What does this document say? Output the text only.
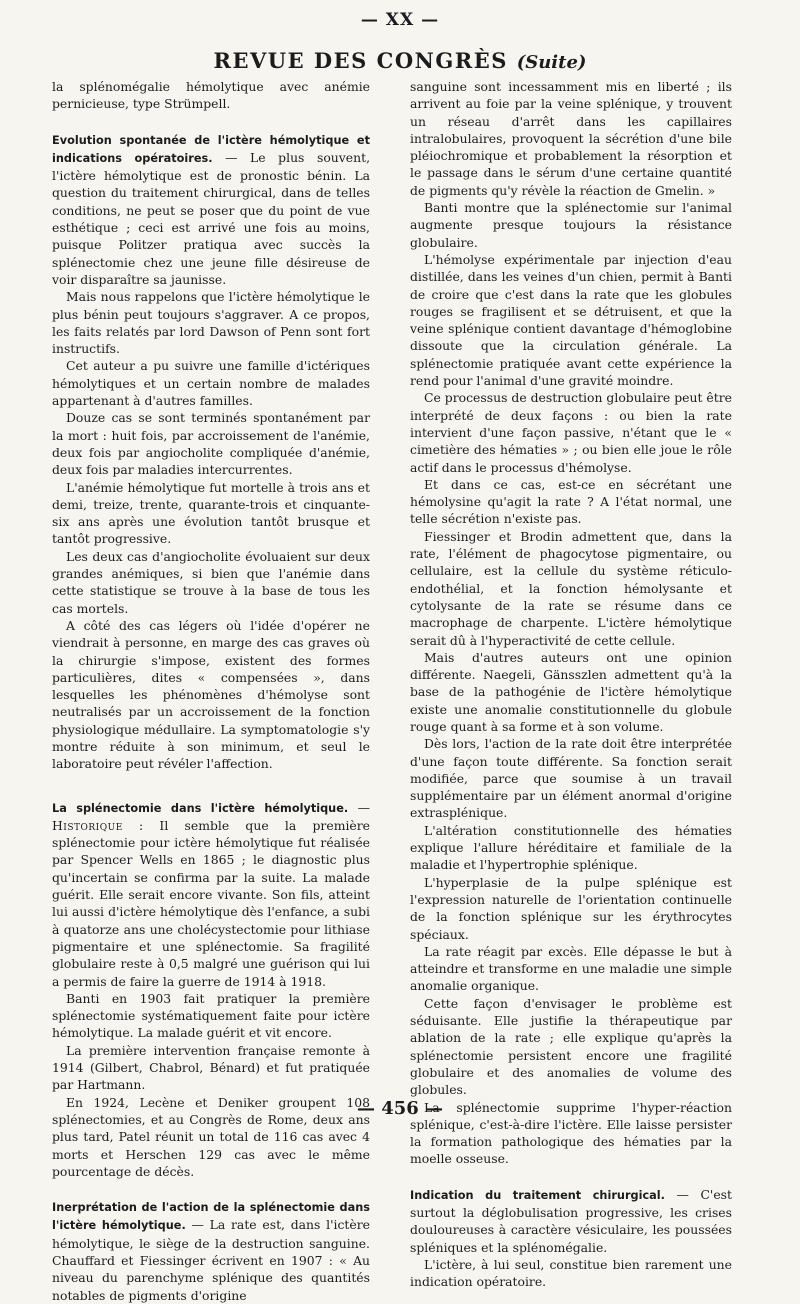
— XX —
REVUE DES CONGRÈS (Suite)

la splénomégalie hémolytique avec anémie pernicieuse, type Strümpell.

Evolution spontanée de l'ictère hémolytique et indications opératoires. — Le plus souvent, l'ictère hémolytique est de pronostic bénin. La question du traitement chirurgical, dans de telles conditions, ne peut se poser que du point de vue esthétique ; ceci est arrivé une fois au moins, puisque Politzer pratiqua avec succès la splénectomie chez une jeune fille désireuse de voir disparaître sa jaunisse.

Mais nous rappelons que l'ictère hémolytique le plus bénin peut toujours s'aggraver. A ce propos, les faits relatés par lord Dawson of Penn sont fort instructifs.

Cet auteur a pu suivre une famille d'ictériques hémolytiques et un certain nombre de malades appartenant à d'autres familles.

Douze cas se sont terminés spontanément par la mort : huit fois, par accroissement de l'anémie, deux fois par angiocholite compliquée d'anémie, deux fois par maladies intercurrentes.

L'anémie hémolytique fut mortelle à trois ans et demi, treize, trente, quarante-trois et cinquante-six ans après une évolution tantôt brusque et tantôt progressive.

Les deux cas d'angiocholite évoluaient sur deux grandes anémiques, si bien que l'anémie dans cette statistique se trouve à la base de tous les cas mortels.

A côté des cas légers où l'idée d'opérer ne viendrait à personne, en marge des cas graves où la chirurgie s'impose, existent des formes particulières, dites « compensées », dans lesquelles les phénomènes d'hémolyse sont neutralisés par un accroissement de la fonction physiologique médullaire. La symptomatologie s'y montre réduite à son minimum, et seul le laboratoire peut révéler l'affection.

La splénectomie dans l'ictère hémolytique. — Historique : Il semble que la première splénectomie pour ictère hémolytique fut réalisée par Spencer Wells en 1865 ; le diagnostic plus qu'incertain se confirma par la suite. La malade guérit. Elle serait encore vivante. Son fils, atteint lui aussi d'ictère hémolytique dès l'enfance, a subi à quatorze ans une cholécystectomie pour lithiase pigmentaire et une splénectomie. Sa fragilité globulaire reste à 0,5 malgré une guérison qui lui a permis de faire la guerre de 1914 à 1918.

Banti en 1903 fait pratiquer la première splénectomie systématiquement faite pour ictère hémolytique. La malade guérit et vit encore.

La première intervention française remonte à 1914 (Gilbert, Chabrol, Bénard) et fut pratiquée par Hartmann.

En 1924, Lecène et Deniker groupent 108 splénectomies, et au Congrès de Rome, deux ans plus tard, Patel réunit un total de 116 cas avec 4 morts et Herschen 129 cas avec le même pourcentage de décès.

Inerprétation de l'action de la splénectomie dans l'ictère hémolytique. — La rate est, dans l'ictère hémolytique, le siège de la destruction sanguine. Chauffard et Fiessinger écrivent en 1907 : « Au niveau du parenchyme splénique des quantités notables de pigments d'origine

sanguine sont incessamment mis en liberté ; ils arrivent au foie par la veine splénique, y trouvent un réseau d'arrêt dans les capillaires intralobulaires, provoquent la sécrétion d'une bile pléiochromique et probablement la résorption et le passage dans le sérum d'une certaine quantité de pigments qu'y révèle la réaction de Gmelin. »

Banti montre que la splénectomie sur l'animal augmente presque toujours la résistance globulaire.

L'hémolyse expérimentale par injection d'eau distillée, dans les veines d'un chien, permit à Banti de croire que c'est dans la rate que les globules rouges se fragilisent et se détruisent, et que la veine splénique contient davantage d'hémoglobine dissoute que la circulation générale. La splénectomie pratiquée avant cette expérience la rend pour l'animal d'une gravité moindre.

Ce processus de destruction globulaire peut être interprété de deux façons : ou bien la rate intervient d'une façon passive, n'étant que le « cimetière des hématies » ; ou bien elle joue le rôle actif dans le processus d'hémolyse.

Et dans ce cas, est-ce en sécrétant une hémolysine qu'agit la rate ? A l'état normal, une telle sécrétion n'existe pas.

Fiessinger et Brodin admettent que, dans la rate, l'élément de phagocytose pigmentaire, ou cellulaire, est la cellule du système réticulo-endothélial, et la fonction hémolysante et cytolysante de la rate se résume dans ce macrophage de charpente. L'ictère hémolytique serait dû à l'hyperactivité de cette cellule.

Mais d'autres auteurs ont une opinion différente. Naegeli, Gänsszlen admettent qu'à la base de la pathogénie de l'ictère hémolytique existe une anomalie constitutionnelle du globule rouge quant à sa forme et à son volume.

Dès lors, l'action de la rate doit être interprétée d'une façon toute différente. Sa fonction serait modifiée, parce que soumise à un travail supplémentaire par un élément anormal d'origine extrasplénique.

L'altération constitutionnelle des hématies explique l'allure héréditaire et familiale de la maladie et l'hypertrophie splénique.

L'hyperplasie de la pulpe splénique est l'expression naturelle de l'orientation continuelle de la fonction splénique sur les érythrocytes spéciaux.

La rate réagit par excès. Elle dépasse le but à atteindre et transforme en une maladie une simple anomalie organique.

Cette façon d'envisager le problème est séduisante. Elle justifie la thérapeutique par ablation de la rate ; elle explique qu'après la splénectomie persistent encore une fragilité globulaire et des anomalies de volume des globules.

La splénectomie supprime l'hyper-réaction splénique, c'est-à-dire l'ictère. Elle laisse persister la formation pathologique des hématies par la moelle osseuse.

Indication du traitement chirurgical. — C'est surtout la déglobulisation progressive, les crises douloureuses à caractère vésiculaire, les poussées spléniques et la splénomégalie.

L'ictère, à lui seul, constitue bien rarement une indication opératoire.

— 456 —
